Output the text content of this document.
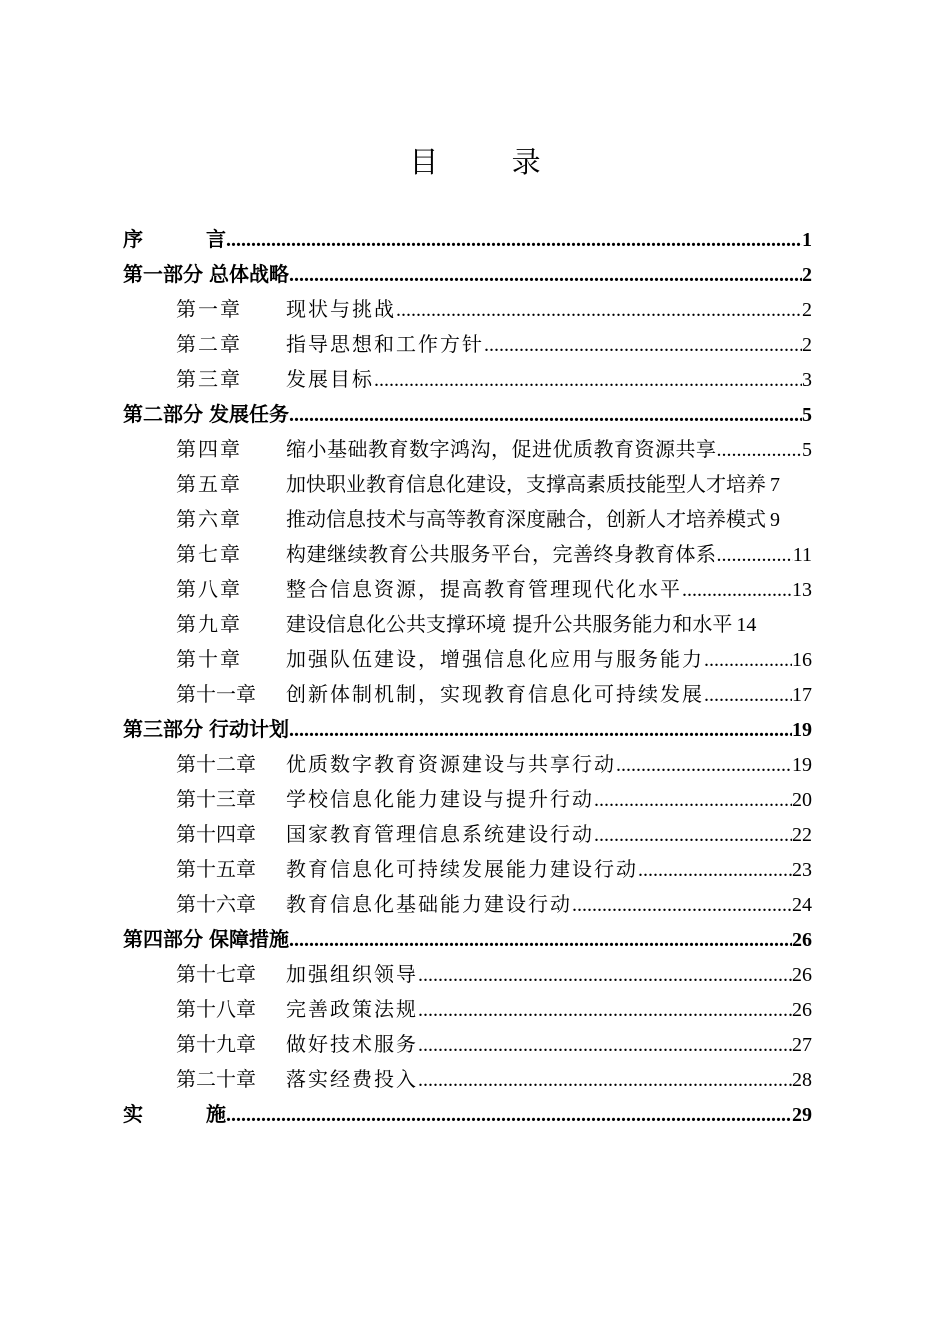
目 录
序 言 .....	1
第一部分 总体战略 .....	2
第一章	现状与挑战 .....	2
第二章	指导思想和工作方针 .....	2
第三章	发展目标 .....	3
第二部分 发展任务 .....	5
第四章	缩小基础教育数字鸿沟，促进优质教育资源共享 .....	5
第五章	加快职业教育信息化建设，支撑高素质技能型人才培养 7
第六章	推动信息技术与高等教育深度融合，创新人才培养模式 9
第七章	构建继续教育公共服务平台，完善终身教育体系 .....	11
第八章	整合信息资源，提高教育管理现代化水平 .....	13
第九章	建设信息化公共支撑环境 提升公共服务能力和水平 14
第十章	加强队伍建设，增强信息化应用与服务能力 .....	16
第十一章	创新体制机制，实现教育信息化可持续发展 .....	17
第三部分 行动计划 .....	19
第十二章	优质数字教育资源建设与共享行动 .....	19
第十三章	学校信息化能力建设与提升行动 .....	20
第十四章	国家教育管理信息系统建设行动 .....	22
第十五章	教育信息化可持续发展能力建设行动 .....	23
第十六章	教育信息化基础能力建设行动 .....	24
第四部分 保障措施 .....	26
第十七章	加强组织领导 .....	26
第十八章	完善政策法规 .....	26
第十九章	做好技术服务 .....	27
第二十章	落实经费投入 .....	28
实 施 .....	29
